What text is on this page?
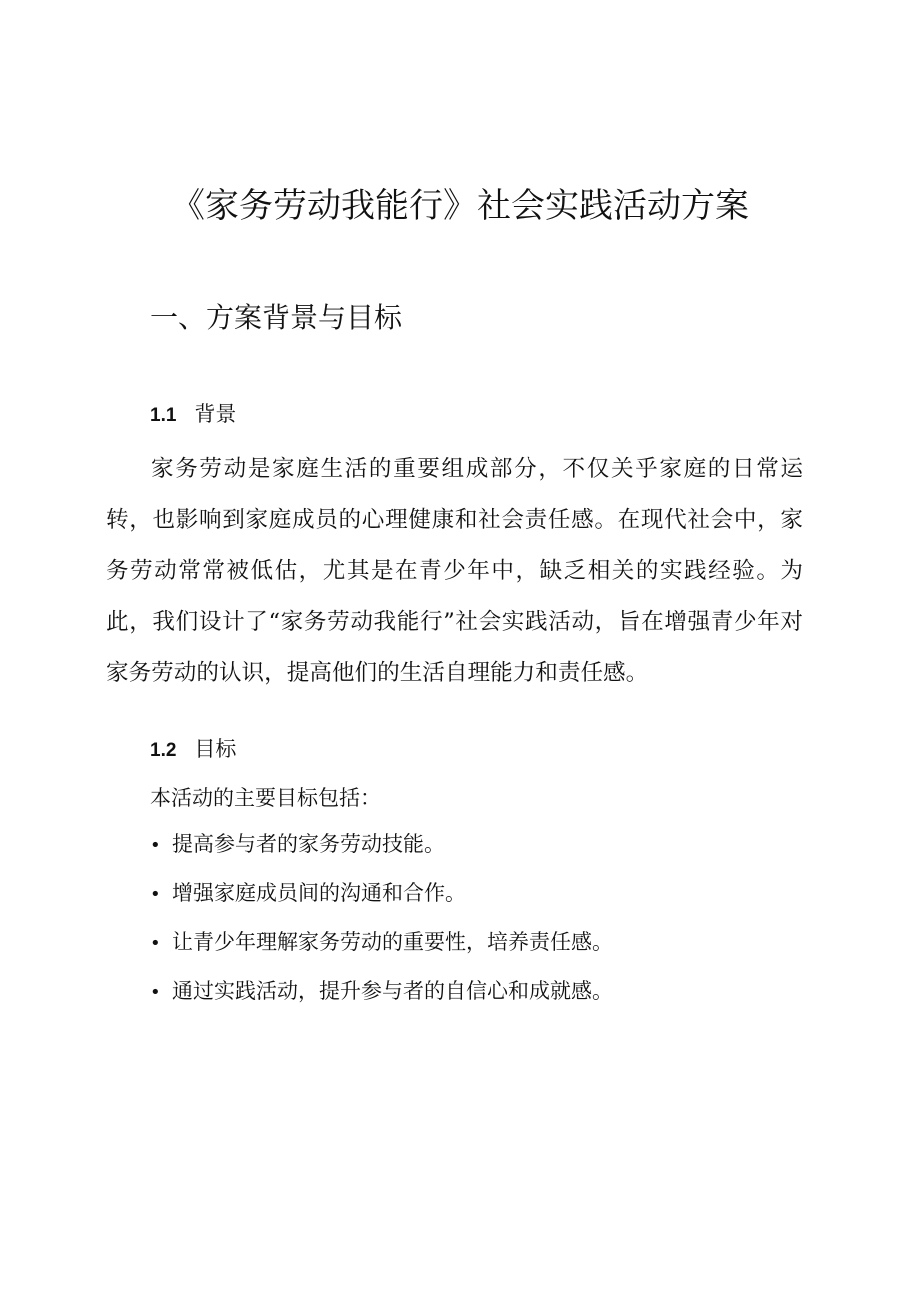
《家务劳动我能行》社会实践活动方案
一、方案背景与目标
1.1 背景

家务劳动是家庭生活的重要组成部分，不仅关乎家庭的日常运转，也影响到家庭成员的心理健康和社会责任感。在现代社会中，家务劳动常常被低估，尤其是在青少年中，缺乏相关的实践经验。为此，我们设计了“家务劳动我能行”社会实践活动，旨在增强青少年对家务劳动的认识，提高他们的生活自理能力和责任感。

1.2 目标

本活动的主要目标包括：

• 提高参与者的家务劳动技能。
• 增强家庭成员间的沟通和合作。
• 让青少年理解家务劳动的重要性，培养责任感。
• 通过实践活动，提升参与者的自信心和成就感。
